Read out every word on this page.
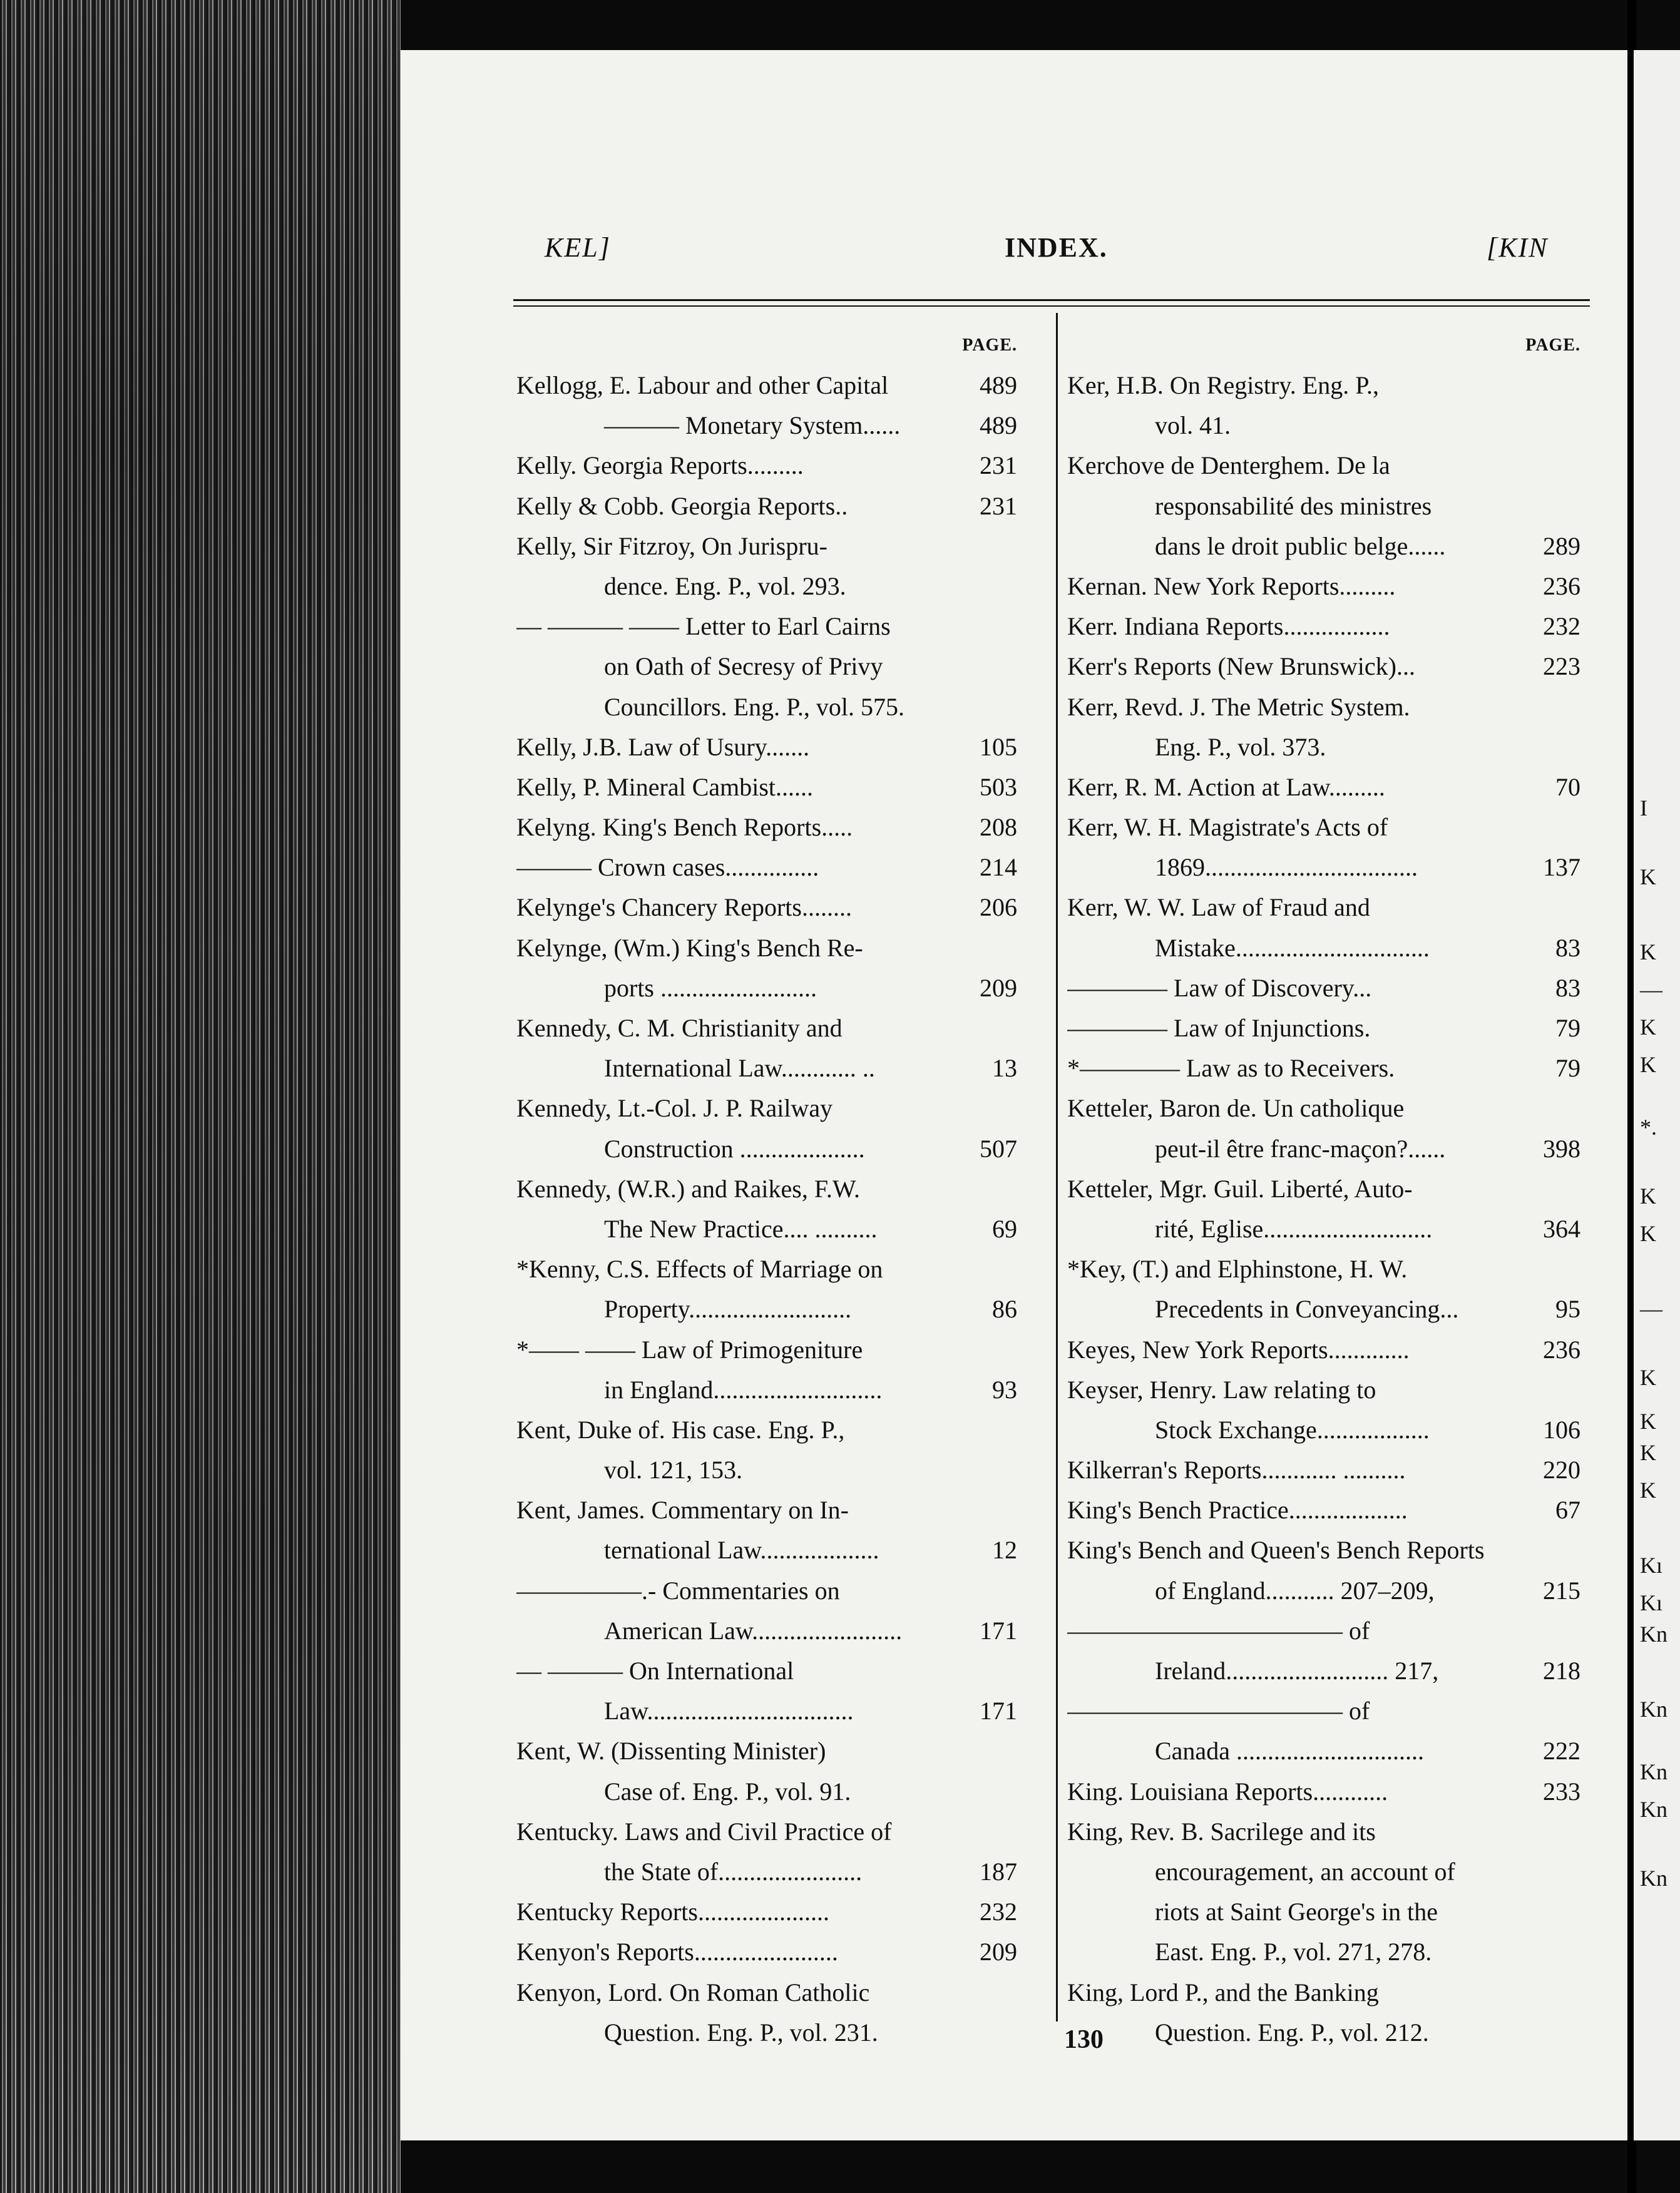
KEL]	INDEX.	[KIN
PAGE.
Kellogg, E. Labour and other Capital	489
——— Monetary System......	489
Kelly. Georgia Reports.........	231
Kelly & Cobb. Georgia Reports..	231
Kelly, Sir Fitzroy, On Jurispru-
dence. Eng. P., vol. 293.
— ——— —— Letter to Earl Cairns
on Oath of Secresy of Privy
Councillors. Eng. P., vol. 575.
Kelly, J.B. Law of Usury.......	105
Kelly, P. Mineral Cambist......	503
Kelyng. King's Bench Reports.....	208
——— Crown cases...............	214
Kelynge's Chancery Reports........	206
Kelynge, (Wm.) King's Bench Re-
ports .........................	209
Kennedy, C. M. Christianity and
International Law............ ..	13
Kennedy, Lt.-Col. J. P. Railway
Construction ....................	507
Kennedy, (W.R.) and Raikes, F.W.
The New Practice.... ..........	69
*Kenny, C.S. Effects of Marriage on
Property..........................	86
*—— —— Law of Primogeniture
in England...........................	93
Kent, Duke of. His case. Eng. P.,
vol. 121, 153.
Kent, James. Commentary on In-
ternational Law...................	12
—————.- Commentaries on
American Law........................	171
— ——— On International
Law.................................	171
Kent, W. (Dissenting Minister)
Case of. Eng. P., vol. 91.
Kentucky. Laws and Civil Practice of
the State of.......................	187
Kentucky Reports.....................	232
Kenyon's Reports.......................	209
Kenyon, Lord. On Roman Catholic
Question. Eng. P., vol. 231.
PAGE.
Ker, H.B. On Registry. Eng. P.,
vol. 41.
Kerchove de Denterghem. De la
responsabilité des ministres
dans le droit public belge......	289
Kernan. New York Reports.........	236
Kerr. Indiana Reports.................	232
Kerr's Reports (New Brunswick)...	223
Kerr, Revd. J. The Metric System.
Eng. P., vol. 373.
Kerr, R. M. Action at Law.........	70
Kerr, W. H. Magistrate's Acts of
1869..................................	137
Kerr, W. W. Law of Fraud and
Mistake...............................	83
———— Law of Discovery...	83
———— Law of Injunctions.	79
*———— Law as to Receivers.	79
Ketteler, Baron de. Un catholique
peut-il être franc-maçon?......	398
Ketteler, Mgr. Guil. Liberté, Auto-
rité, Eglise...........................	364
*Key, (T.) and Elphinstone, H. W.
Precedents in Conveyancing...	95
Keyes, New York Reports.............	236
Keyser, Henry. Law relating to
Stock Exchange..................	106
Kilkerran's Reports............ ..........	220
King's Bench Practice...................	67
King's Bench and Queen's Bench Reports
of England........... 207–209,	215
——————————— of
Ireland.......................... 217,	218
——————————— of
Canada ..............................	222
King. Louisiana Reports............	233
King, Rev. B. Sacrilege and its
encouragement, an account of
riots at Saint George's in the
East. Eng. P., vol. 271, 278.
King, Lord P., and the Banking
Question. Eng. P., vol. 212.
130
I
K
K
—
K
K
*.
K
K
—
K
K
K
K
Kı
Kı
Kn
Kn
Kn
Kn
Kn
